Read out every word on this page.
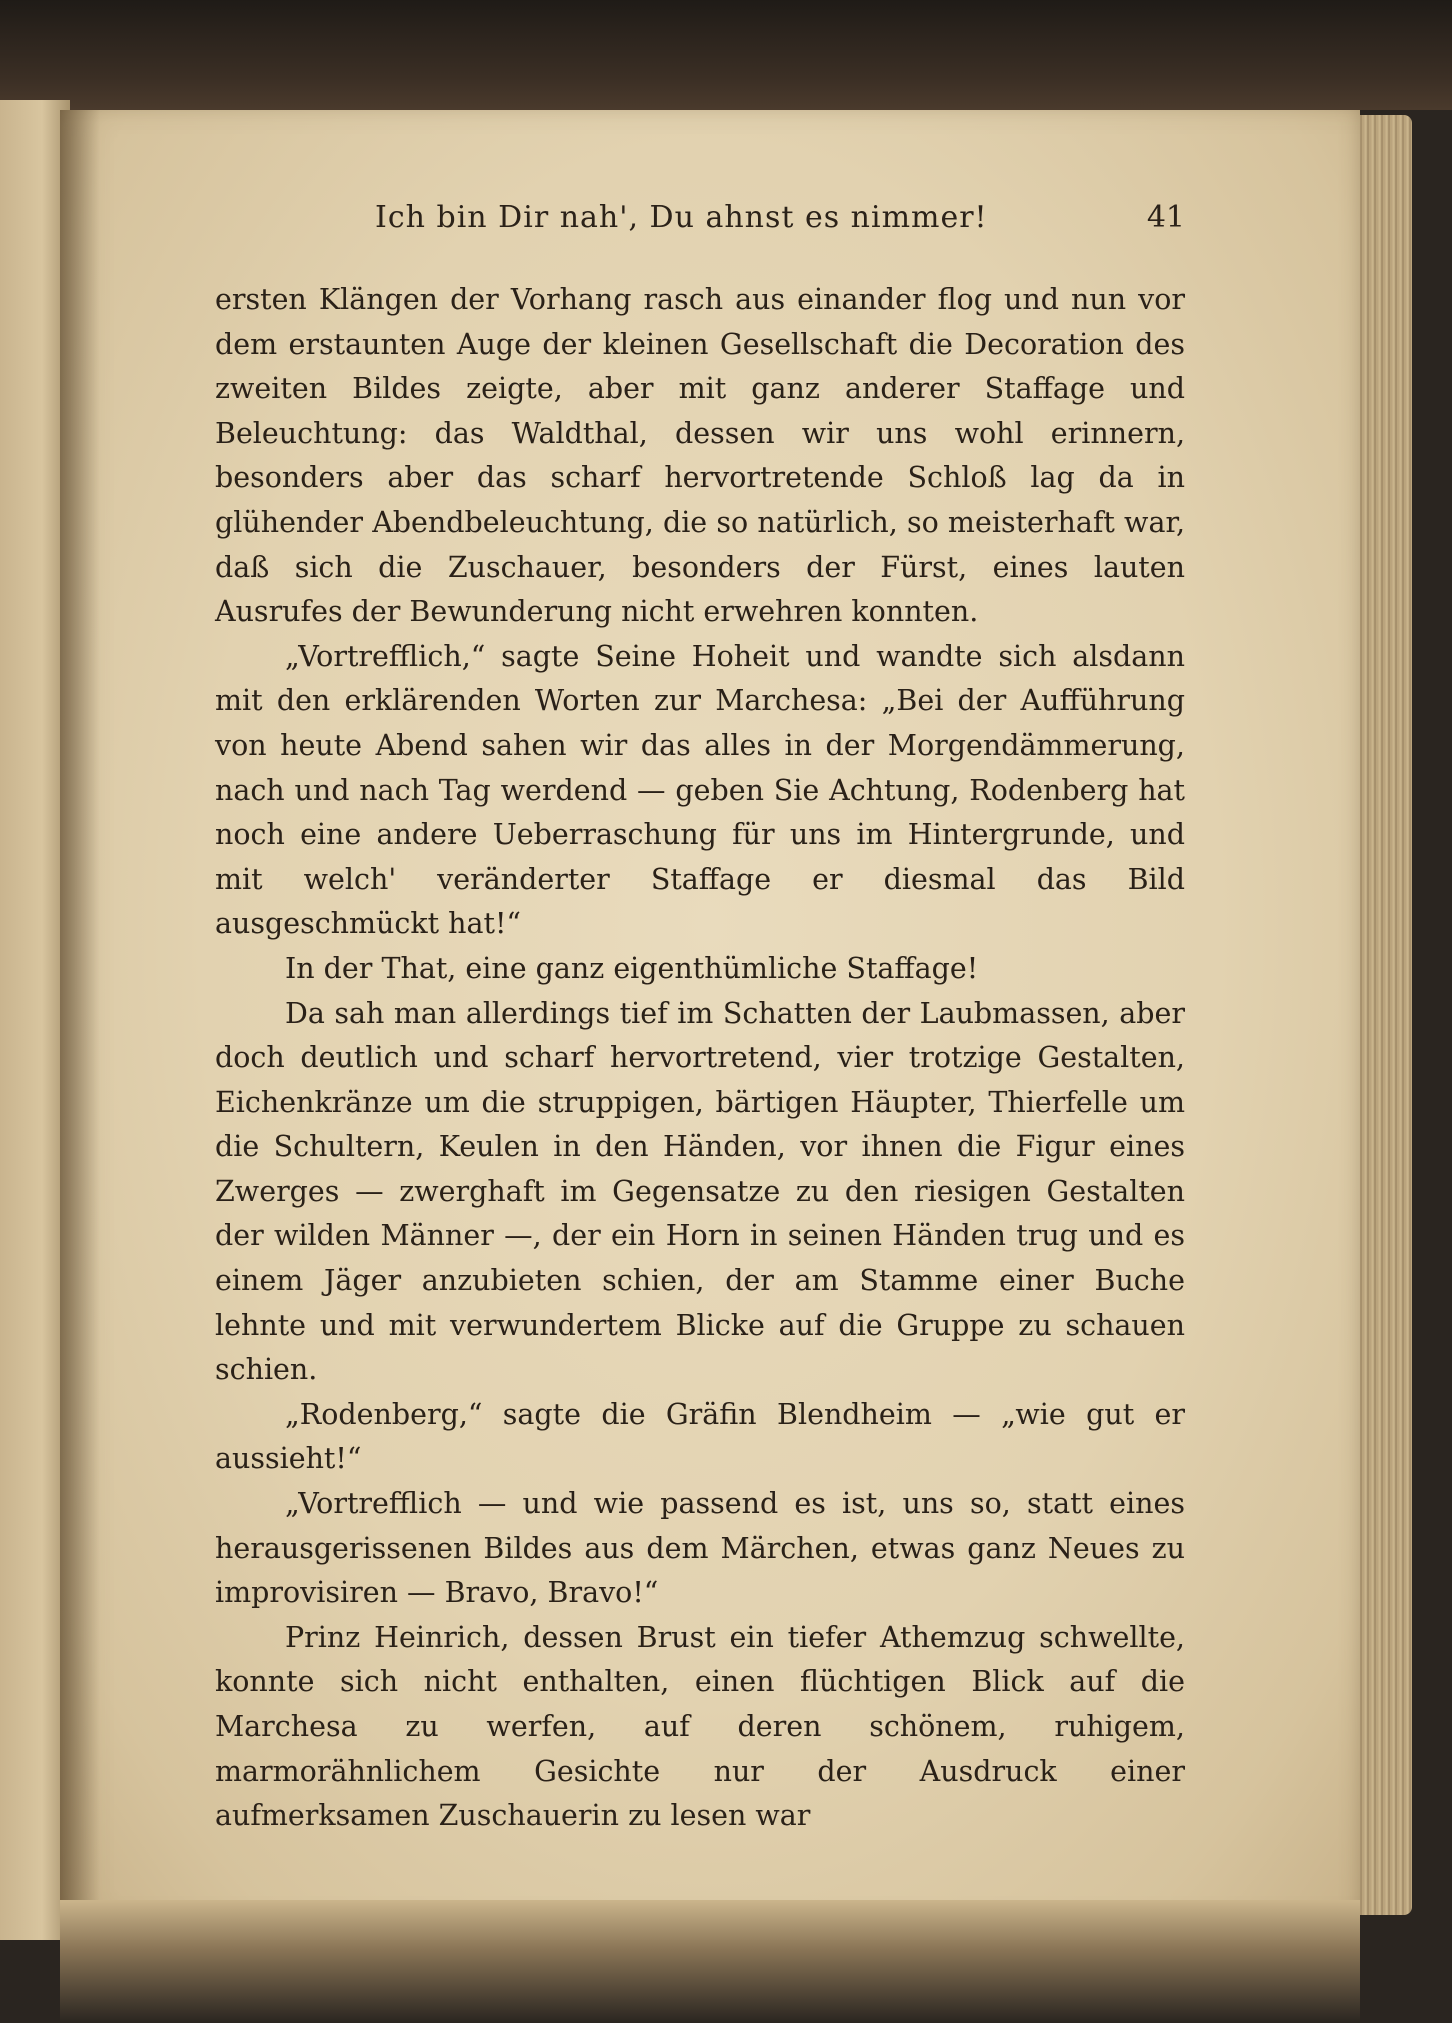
Ich bin Dir nah', Du ahnst es nimmer!	41

ersten Klängen der Vorhang rasch aus einander flog und nun vor dem erstaunten Auge der kleinen Gesellschaft die Decoration des zweiten Bildes zeigte, aber mit ganz anderer Staffage und Beleuchtung: das Waldthal, dessen wir uns wohl erinnern, besonders aber das scharf hervortretende Schloß lag da in glühender Abendbeleuchtung, die so natürlich, so meisterhaft war, daß sich die Zuschauer, besonders der Fürst, eines lauten Ausrufes der Bewunderung nicht erwehren konnten.

„Vortrefflich,“ sagte Seine Hoheit und wandte sich alsdann mit den erklärenden Worten zur Marchesa: „Bei der Aufführung von heute Abend sahen wir das alles in der Morgendämmerung, nach und nach Tag werdend — geben Sie Achtung, Rodenberg hat noch eine andere Ueberraschung für uns im Hintergrunde, und mit welch' veränderter Staffage er diesmal das Bild ausgeschmückt hat!“

In der That, eine ganz eigenthümliche Staffage!

Da sah man allerdings tief im Schatten der Laubmassen, aber doch deutlich und scharf hervortretend, vier trotzige Gestalten, Eichenkränze um die struppigen, bärtigen Häupter, Thierfelle um die Schultern, Keulen in den Händen, vor ihnen die Figur eines Zwerges — zwerghaft im Gegensatze zu den riesigen Gestalten der wilden Männer —, der ein Horn in seinen Händen trug und es einem Jäger anzubieten schien, der am Stamme einer Buche lehnte und mit verwundertem Blicke auf die Gruppe zu schauen schien.

„Rodenberg,“ sagte die Gräfin Blendheim — „wie gut er aussieht!“

„Vortrefflich — und wie passend es ist, uns so, statt eines herausgerissenen Bildes aus dem Märchen, etwas ganz Neues zu improvisiren — Bravo, Bravo!“

Prinz Heinrich, dessen Brust ein tiefer Athemzug schwellte, konnte sich nicht enthalten, einen flüchtigen Blick auf die Marchesa zu werfen, auf deren schönem, ruhigem, marmorähnlichem Gesichte nur der Ausdruck einer aufmerksamen Zuschauerin zu lesen war
